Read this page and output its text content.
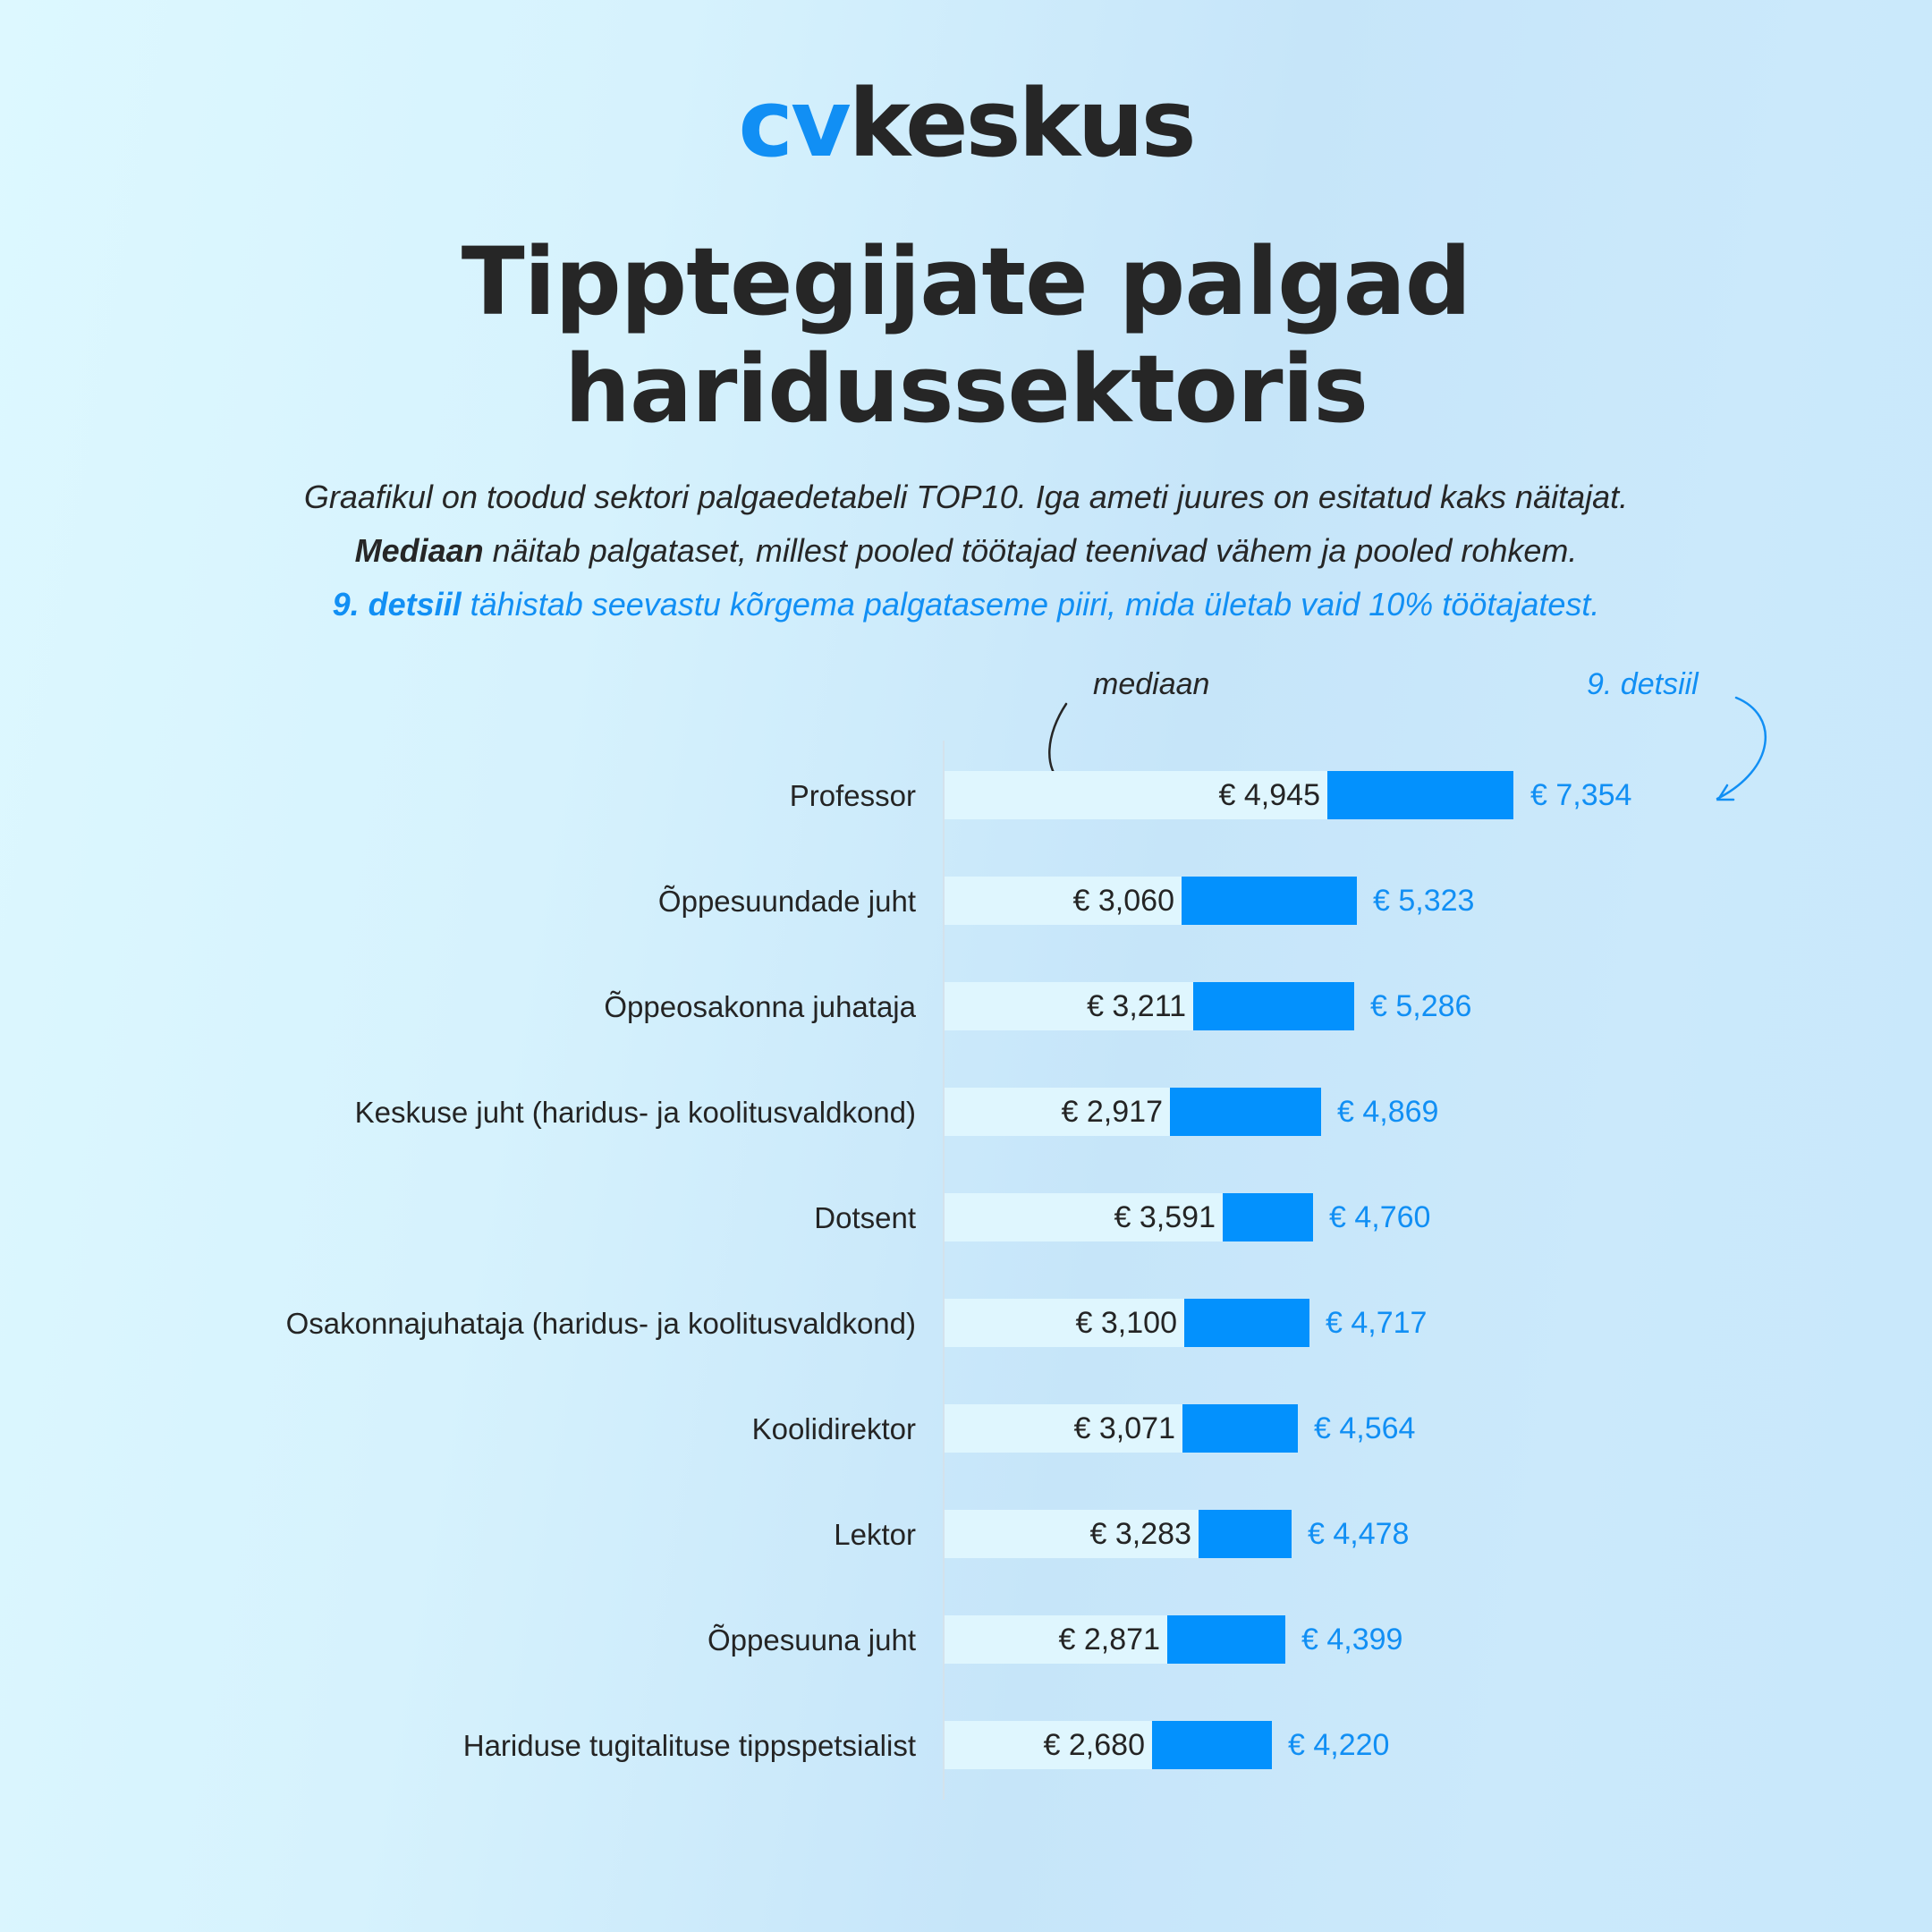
cvkeskus
Tipptegijate palgad
haridussektoris
Graafikul on toodud sektori palgaedetabeli TOP10. Iga ameti juures on esitatud kaks näitajat.
Mediaan näitab palgataset, millest pooled töötajad teenivad vähem ja pooled rohkem.
9. detsiil tähistab seevastu kõrgema palgataseme piiri, mida ületab vaid 10% töötajatest.
mediaan	9. detsiil
Professor	€ 4,945	€ 7,354
Õppesuundade juht	€ 3,060	€ 5,323
Õppeosakonna juhataja	€ 3,211	€ 5,286
Keskuse juht (haridus- ja koolitusvaldkond)	€ 2,917	€ 4,869
Dotsent	€ 3,591	€ 4,760
Osakonnajuhataja (haridus- ja koolitusvaldkond)	€ 3,100	€ 4,717
Koolidirektor	€ 3,071	€ 4,564
Lektor	€ 3,283	€ 4,478
Õppesuuna juht	€ 2,871	€ 4,399
Hariduse tugitalituse tippspetsialist	€ 2,680	€ 4,220
